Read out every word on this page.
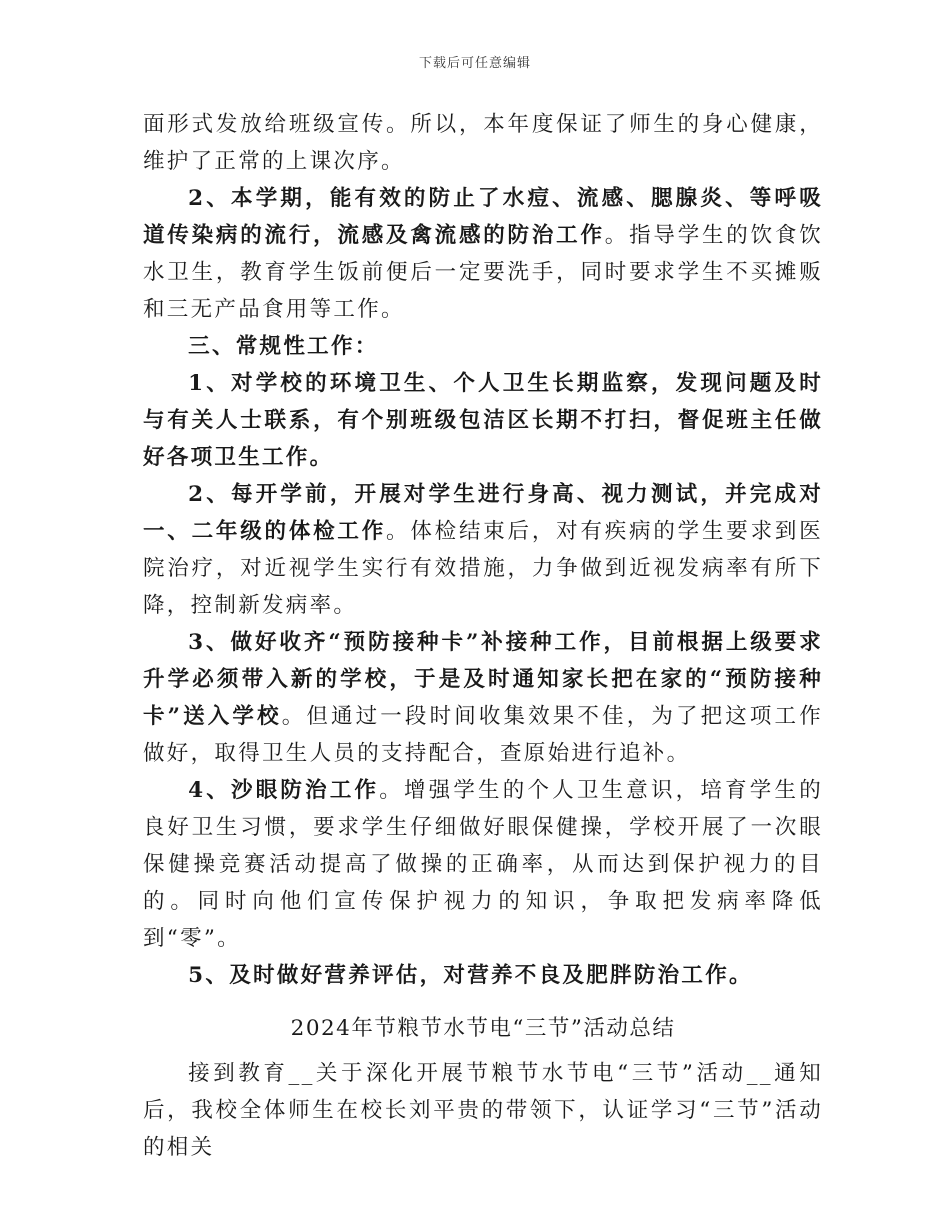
下载后可任意编辑

面形式发放给班级宣传。所以，本年度保证了师生的身心健康，维护了正常的上课次序。

2、本学期，能有效的防止了水痘、流感、腮腺炎、等呼吸道传染病的流行，流感及禽流感的防治工作。指导学生的饮食饮水卫生，教育学生饭前便后一定要洗手，同时要求学生不买摊贩和三无产品食用等工作。

三、常规性工作：

1、对学校的环境卫生、个人卫生长期监察，发现问题及时与有关人士联系，有个别班级包洁区长期不打扫，督促班主任做好各项卫生工作。

2、每开学前，开展对学生进行身高、视力测试，并完成对一、二年级的体检工作。体检结束后，对有疾病的学生要求到医院治疗，对近视学生实行有效措施，力争做到近视发病率有所下降，控制新发病率。

3、做好收齐“预防接种卡”补接种工作，目前根据上级要求升学必须带入新的学校，于是及时通知家长把在家的“预防接种卡”送入学校。但通过一段时间收集效果不佳，为了把这项工作做好，取得卫生人员的支持配合，查原始进行追补。

4、沙眼防治工作。增强学生的个人卫生意识，培育学生的良好卫生习惯，要求学生仔细做好眼保健操，学校开展了一次眼保健操竞赛活动提高了做操的正确率，从而达到保护视力的目的。同时向他们宣传保护视力的知识，争取把发病率降低到“零”。

5、及时做好营养评估，对营养不良及肥胖防治工作。

2024年节粮节水节电“三节”活动总结

接到教育__关于深化开展节粮节水节电“三节”活动__通知后，我校全体师生在校长刘平贵的带领下，认证学习“三节”活动的相关
